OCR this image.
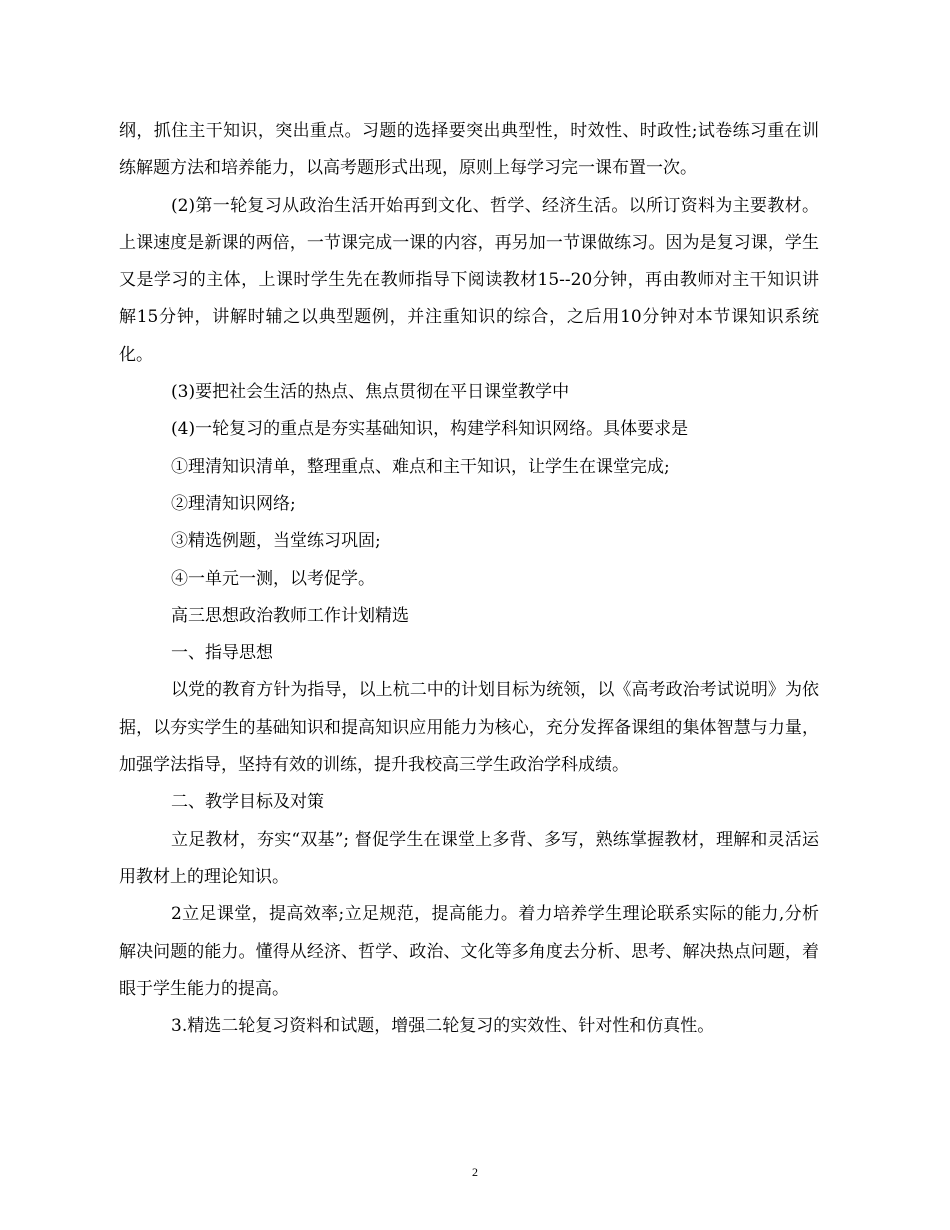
纲，抓住主干知识，突出重点。习题的选择要突出典型性，时效性、时政性;试卷练习重在训练解题方法和培养能力，以高考题形式出现，原则上每学习完一课布置一次。

(2)第一轮复习从政治生活开始再到文化、哲学、经济生活。以所订资料为主要教材。上课速度是新课的两倍，一节课完成一课的内容，再另加一节课做练习。因为是复习课，学生又是学习的主体，上课时学生先在教师指导下阅读教材15--20分钟，再由教师对主干知识讲解15分钟，讲解时辅之以典型题例，并注重知识的综合，之后用10分钟对本节课知识系统化。

(3)要把社会生活的热点、焦点贯彻在平日课堂教学中

(4)一轮复习的重点是夯实基础知识，构建学科知识网络。具体要求是

①理清知识清单，整理重点、难点和主干知识，让学生在课堂完成;

②理清知识网络;

③精选例题，当堂练习巩固;

④一单元一测，以考促学。

高三思想政治教师工作计划精选

一、指导思想

以党的教育方针为指导，以上杭二中的计划目标为统领，以《高考政治考试说明》为依据，以夯实学生的基础知识和提高知识应用能力为核心，充分发挥备课组的集体智慧与力量，加强学法指导，坚持有效的训练，提升我校高三学生政治学科成绩。

二、教学目标及对策

立足教材，夯实“双基”; 督促学生在课堂上多背、多写，熟练掌握教材，理解和灵活运用教材上的理论知识。

2立足课堂，提高效率;立足规范，提高能力。着力培养学生理论联系实际的能力,分析解决问题的能力。懂得从经济、哲学、政治、文化等多角度去分析、思考、解决热点问题，着眼于学生能力的提高。

3.精选二轮复习资料和试题，增强二轮复习的实效性、针对性和仿真性。

2
